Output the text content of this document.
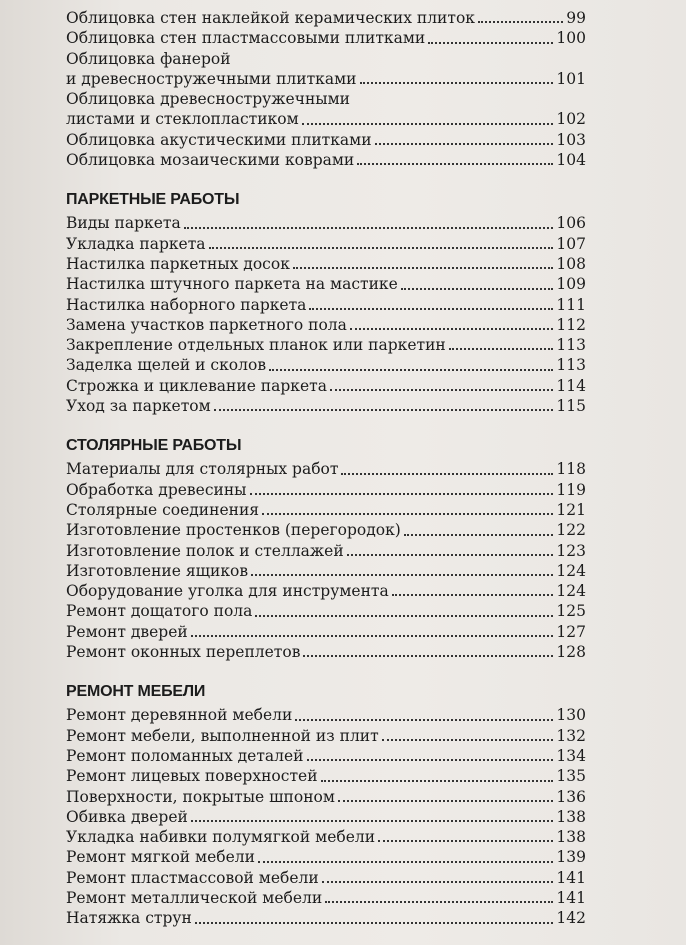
Облицовка стен наклейкой керамических плиток	99
Облицовка стен пластмассовыми плитками	100
Облицовка фанерой
и древесностружечными плитками	101
Облицовка древесностружечными
листами и стеклопластиком	102
Облицовка акустическими плитками	103
Облицовка мозаическими коврами	104
ПАРКЕТНЫЕ РАБОТЫ
Виды паркета	106
Укладка паркета	107
Настилка паркетных досок	108
Настилка штучного паркета на мастике	109
Настилка наборного паркета	111
Замена участков паркетного пола	112
Закрепление отдельных планок или паркетин	113
Заделка щелей и сколов	113
Строжка и циклевание паркета	114
Уход за паркетом	115
СТОЛЯРНЫЕ РАБОТЫ
Материалы для столярных работ	118
Обработка древесины	119
Столярные соединения	121
Изготовление простенков (перегородок)	122
Изготовление полок и стеллажей	123
Изготовление ящиков	124
Оборудование уголка для инструмента	124
Ремонт дощатого пола	125
Ремонт дверей	127
Ремонт оконных переплетов	128
РЕМОНТ МЕБЕЛИ
Ремонт деревянной мебели	130
Ремонт мебели, выполненной из плит	132
Ремонт поломанных деталей	134
Ремонт лицевых поверхностей	135
Поверхности, покрытые шпоном	136
Обивка дверей	138
Укладка набивки полумягкой мебели	138
Ремонт мягкой мебели	139
Ремонт пластмассовой мебели	141
Ремонт металлической мебели	141
Натяжка струн	142
